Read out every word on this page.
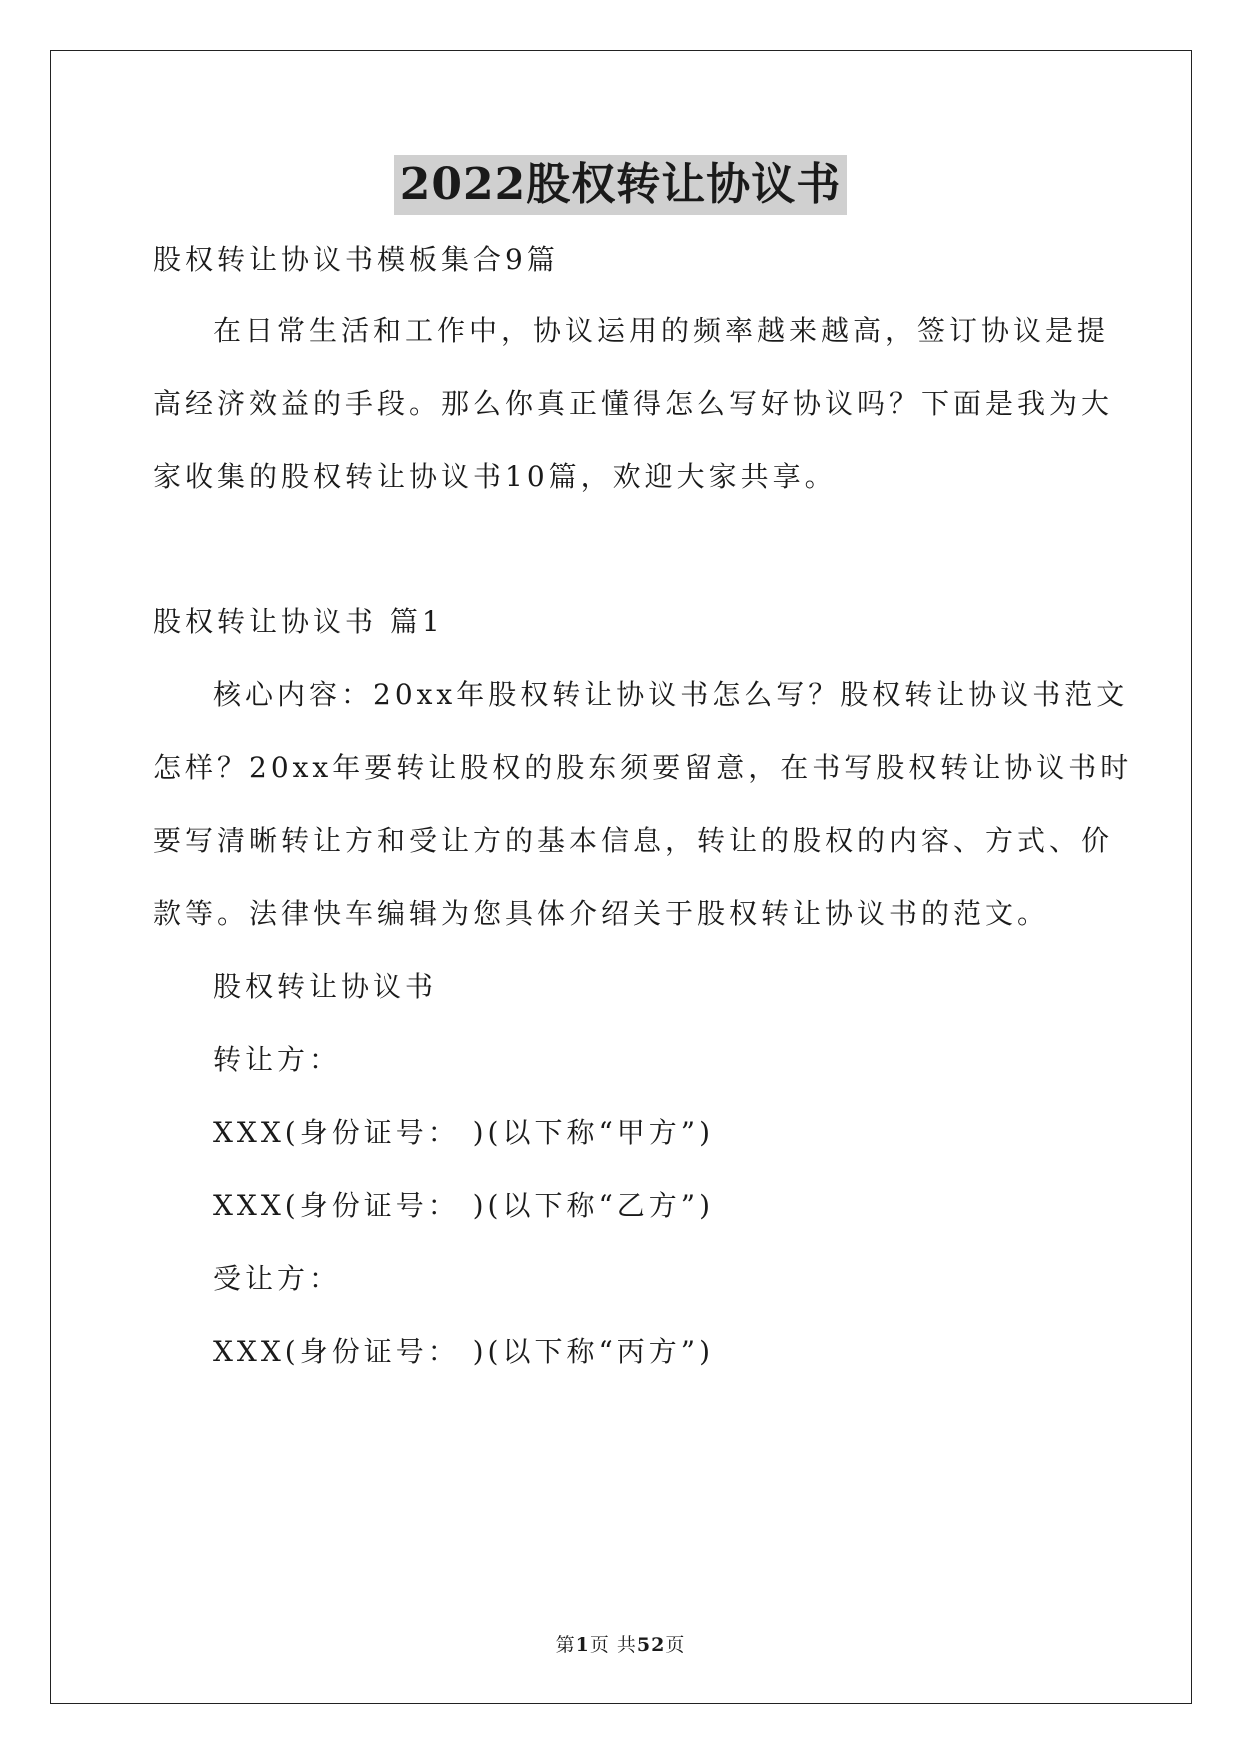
2022股权转让协议书
股权转让协议书模板集合9篇
在日常生活和工作中，协议运用的频率越来越高，签订协议是提
高经济效益的手段。那么你真正懂得怎么写好协议吗？下面是我为大
家收集的股权转让协议书10篇，欢迎大家共享。
股权转让协议书 篇1
核心内容：20xx年股权转让协议书怎么写？股权转让协议书范文
怎样？20xx年要转让股权的股东须要留意，在书写股权转让协议书时
要写清晰转让方和受让方的基本信息，转让的股权的内容、方式、价
款等。法律快车编辑为您具体介绍关于股权转让协议书的范文。
股权转让协议书
转让方：
XXX(身份证号： )(以下称“甲方”)
XXX(身份证号： )(以下称“乙方”)
受让方：
XXX(身份证号： )(以下称“丙方”)
第1页 共52页
